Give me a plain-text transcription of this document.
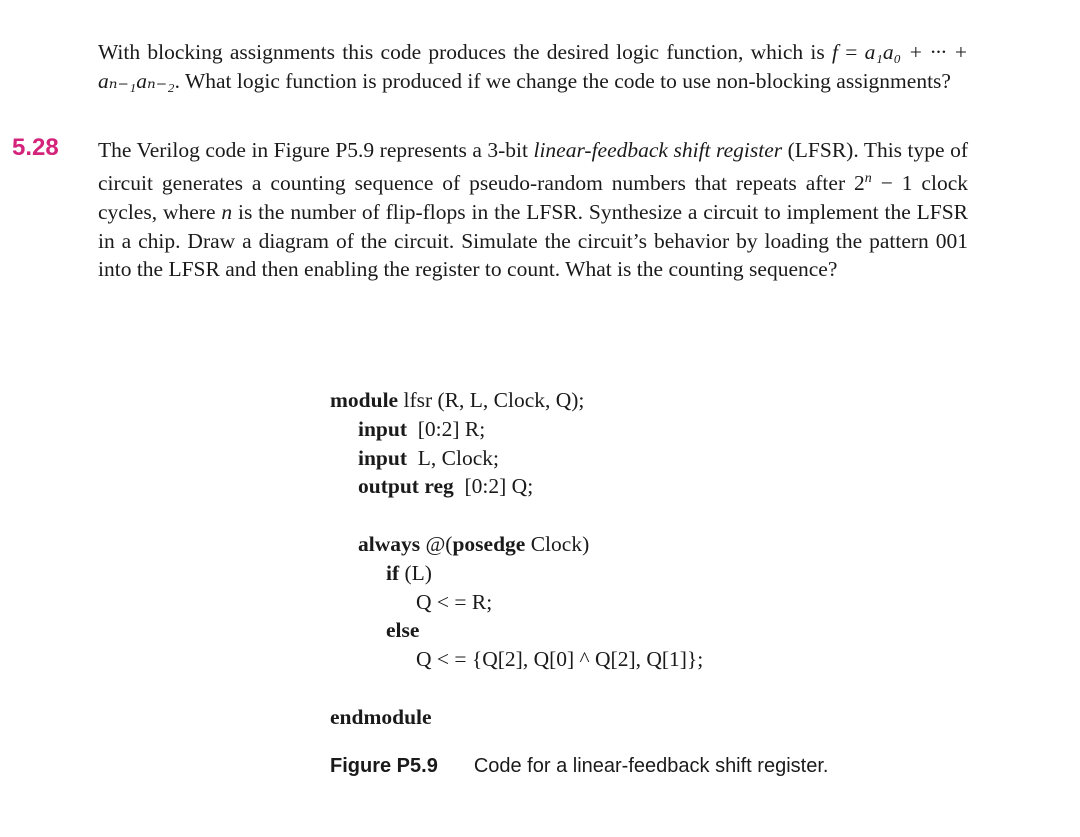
With blocking assignments this code produces the desired logic function, which is f = a₁a₀ + ··· + aₙ₋₁aₙ₋₂. What logic function is produced if we change the code to use non-blocking assignments?
5.28 The Verilog code in Figure P5.9 represents a 3-bit linear-feedback shift register (LFSR). This type of circuit generates a counting sequence of pseudo-random numbers that repeats after $2^n - 1$ clock cycles, where n is the number of flip-flops in the LFSR. Synthesize a circuit to implement the LFSR in a chip. Draw a diagram of the circuit. Simulate the circuit’s behavior by loading the pattern 001 into the LFSR and then enabling the register to count. What is the counting sequence?
module lfsr (R, L, Clock, Q);
input  [0:2] R;
input  L, Clock;
output reg  [0:2] Q;
always @(posedge Clock)
if (L)
Q < = R;
else
Q < = {Q[2], Q[0] ^ Q[2], Q[1]};
endmodule
Figure P5.9 Code for a linear-feedback shift register.
